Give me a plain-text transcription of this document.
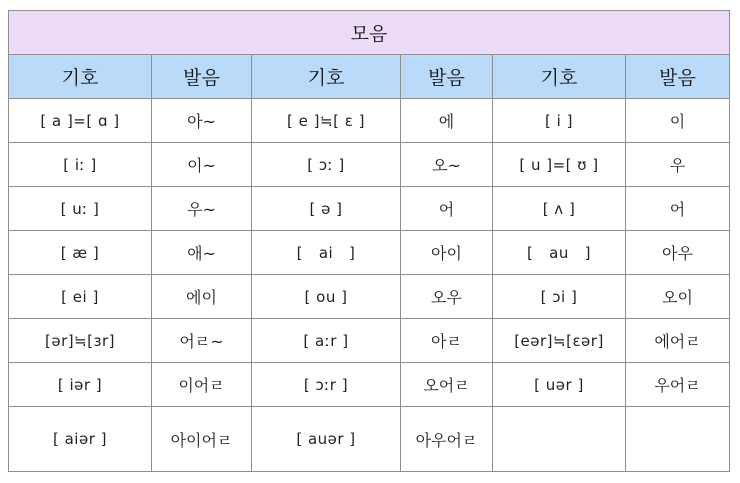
모음					
기호	발음	기호	발음	기호	발음
[ a ]=[ ɑ ]	아~	[ e ]≒[ ε ]	에	[ i ]	이
[ iː ]	이~	[ ɔː ]	오~	[ u ]=[ ʊ ]	우
[ uː ]	우~	[ ə ]	어	[ ʌ ]	어
[ æ ]	애~	[   ai   ]	아이	[   au   ]	아우
[ ei ]	에이	[ ou ]	오우	[ ɔi ]	오이
[ər]≒[ɜr]	어ㄹ~	[ aːr ]	아ㄹ	[eər]≒[εər]	에어ㄹ
[ iər ]	이어ㄹ	[ ɔːr ]	오어ㄹ	[ uər ]	우어ㄹ
[ aiər ]	아이어ㄹ	[ auər ]	아우어ㄹ		
